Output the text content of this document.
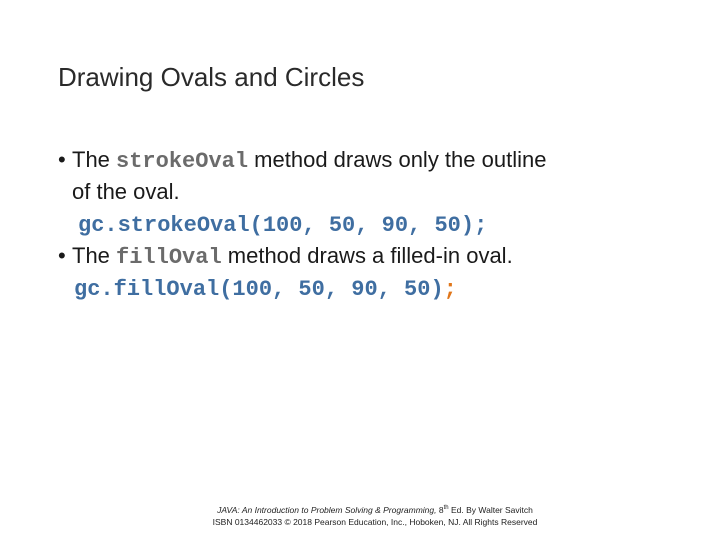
Drawing Ovals and Circles
• The strokeOval method draws only the outline
of the oval.
gc.strokeOval(100, 50, 90, 50);
• The fillOval method draws a filled-in oval.
gc.fillOval(100, 50, 90, 50);
JAVA: An Introduction to Problem Solving & Programming, 8th Ed. By Walter Savitch
ISBN 0134462033 © 2018 Pearson Education, Inc., Hoboken, NJ. All Rights Reserved
